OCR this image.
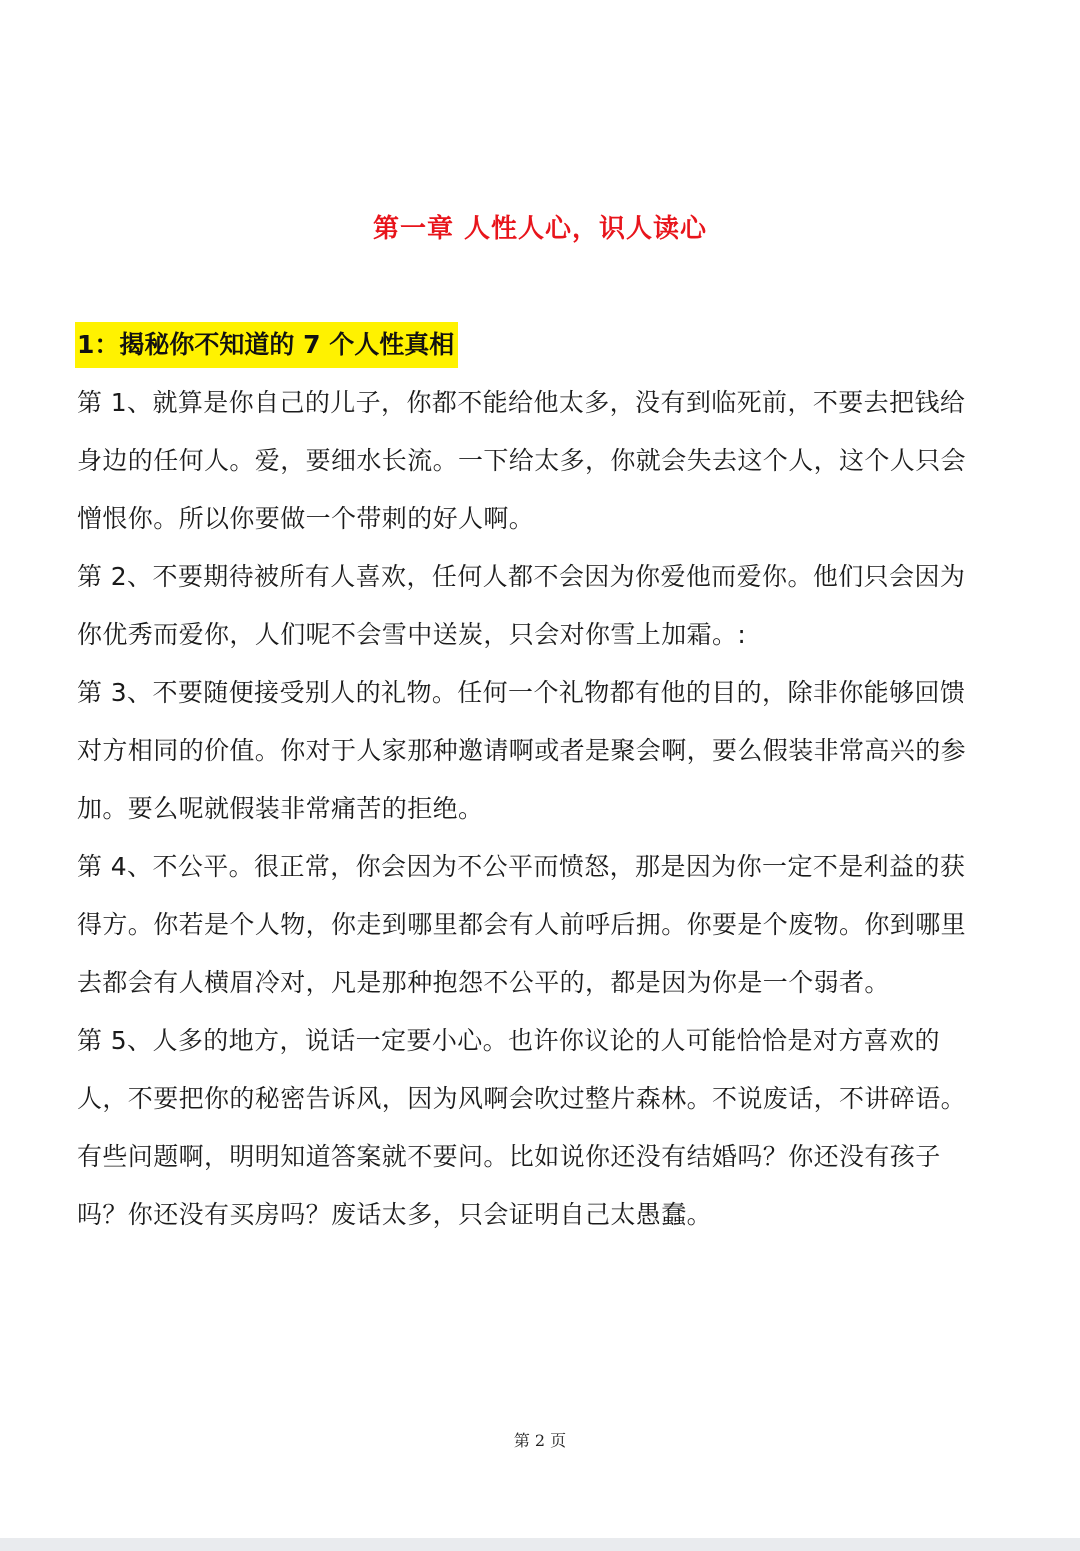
第一章 人性人心，识人读心
1：揭秘你不知道的 7 个人性真相

第 1、就算是你自己的儿子，你都不能给他太多，没有到临死前，不要去把钱给身边的任何人。爱，要细水长流。一下给太多，你就会失去这个人，这个人只会憎恨你。所以你要做一个带刺的好人啊。

第 2、不要期待被所有人喜欢，任何人都不会因为你爱他而爱你。他们只会因为你优秀而爱你，人们呢不会雪中送炭，只会对你雪上加霜。:

第 3、不要随便接受别人的礼物。任何一个礼物都有他的目的，除非你能够回馈对方相同的价值。你对于人家那种邀请啊或者是聚会啊，要么假装非常高兴的参加。要么呢就假装非常痛苦的拒绝。

第 4、不公平。很正常，你会因为不公平而愤怒，那是因为你一定不是利益的获得方。你若是个人物，你走到哪里都会有人前呼后拥。你要是个废物。你到哪里去都会有人横眉冷对，凡是那种抱怨不公平的，都是因为你是一个弱者。

第 5、人多的地方，说话一定要小心。也许你议论的人可能恰恰是对方喜欢的人，不要把你的秘密告诉风，因为风啊会吹过整片森林。不说废话，不讲碎语。有些问题啊，明明知道答案就不要问。比如说你还没有结婚吗？你还没有孩子吗？你还没有买房吗？废话太多，只会证明自己太愚蠢。

第 2 页
